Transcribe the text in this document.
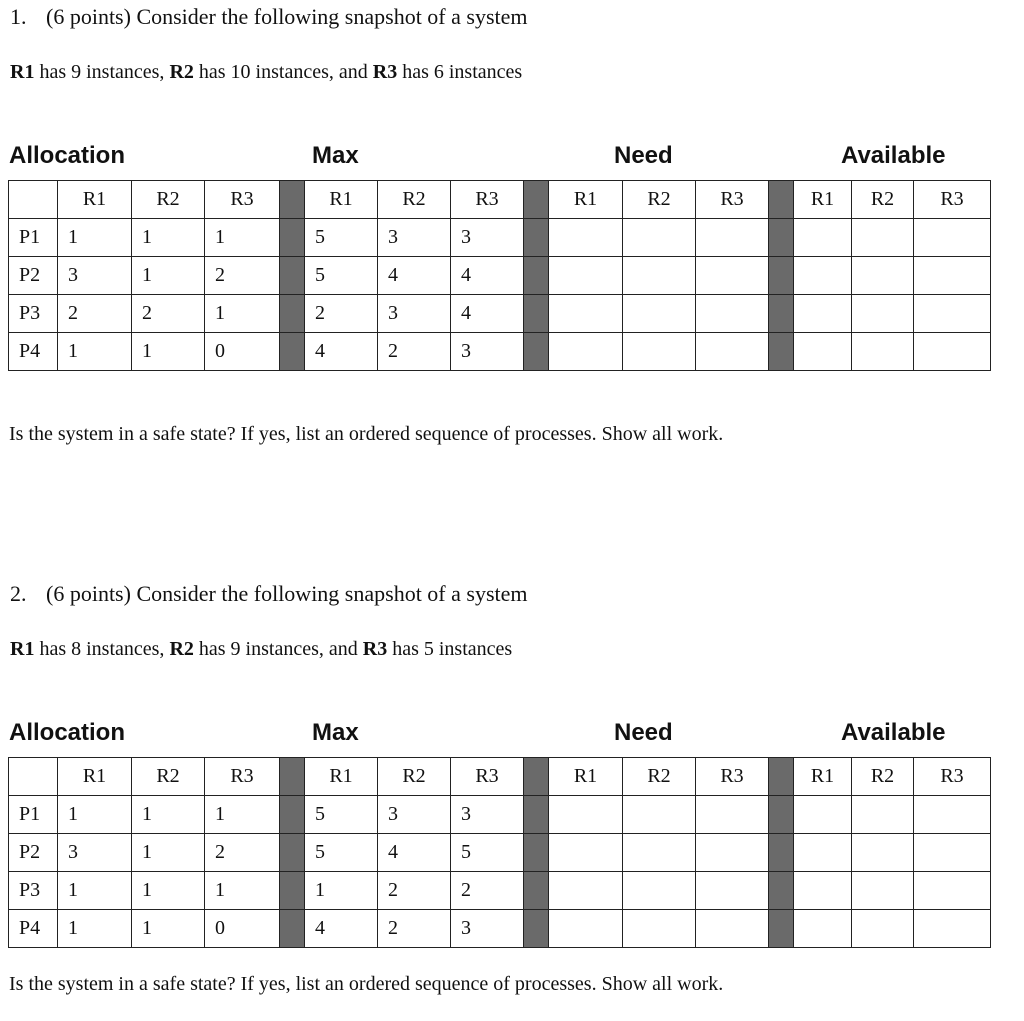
1. (6 points) Consider the following snapshot of a system
R1 has 9 instances, R2 has 10 instances, and R3 has 6 instances
Allocation	Max	Need	Available
	R1	R2	R3		R1	R2	R3		R1	R2	R3		R1	R2	R3
P1	1	1	1		5	3	3								
P2	3	1	2		5	4	4								
P3	2	2	1		2	3	4								
P4	1	1	0		4	2	3								
Is the system in a safe state? If yes, list an ordered sequence of processes. Show all work.
2. (6 points) Consider the following snapshot of a system
R1 has 8 instances, R2 has 9 instances, and R3 has 5 instances
Allocation	Max	Need	Available
	R1	R2	R3		R1	R2	R3		R1	R2	R3		R1	R2	R3
P1	1	1	1		5	3	3								
P2	3	1	2		5	4	5								
P3	1	1	1		1	2	2								
P4	1	1	0		4	2	3								
Is the system in a safe state? If yes, list an ordered sequence of processes. Show all work.
